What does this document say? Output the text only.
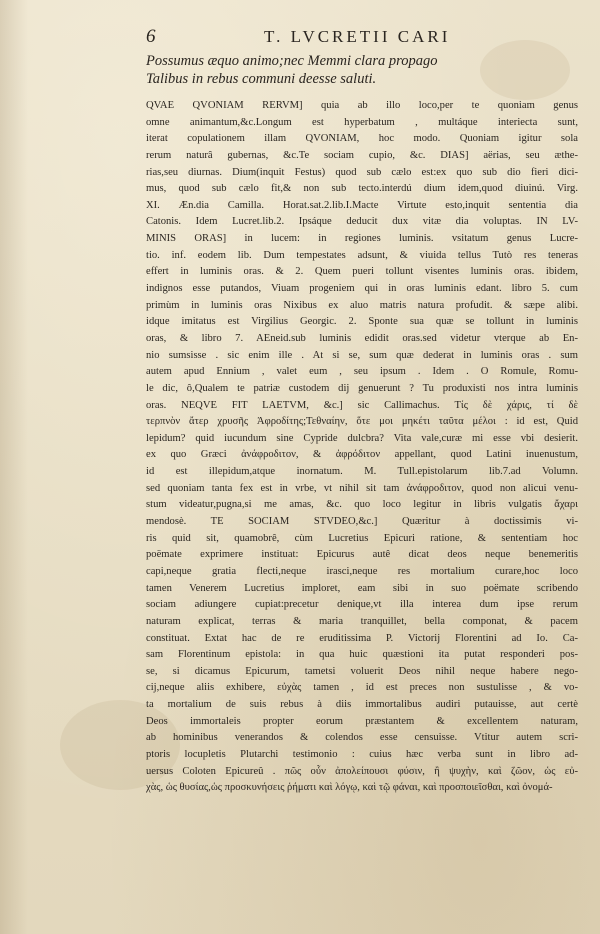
6	T. LVCRETII CARI
Possumus æquo animo;nec Memmi clara propago
Talibus in rebus communi deesse saluti.
QVAE QVONIAM RERVM] quia ab illo loco,per te quoniam genus
omne animantum,&c.Longum est hyperbatum , multáque interiecta sunt,
iterat copulationem illam QVONIAM, hoc modo. Quoniam igitur sola
rerum naturâ gubernas, &c.Te sociam cupio, &c. DIAS] aërias, seu æthe-
rias,seu diurnas. Dium(inquit Festus) quod sub cælo est:ex quo sub dio fieri dici-
mus, quod sub cælo fit,& non sub tecto.interdú dium idem,quod diuinú. Virg.
XI. Æn.dia Camilla. Horat.sat.2.lib.I.Macte Virtute esto,inquit sententia dia
Catonis. Idem Lucret.lib.2. Ipsáque deducit dux vitæ dia voluptas. IN LV-
MINIS ORAS] in lucem: in regiones luminis. vsitatum genus Lucre-
tio. inf. eodem lib. Dum tempestates adsunt, & viuida tellus Tutò res teneras
effert in luminis oras. & 2. Quem pueri tollunt visentes luminis oras. ibidem,
indignos esse putandos, Viuam progeniem qui in oras luminis edant. libro 5. cum
primùm in luminis oras Nixibus ex aluo matris natura profudit. & sæpe alibi.
idque imitatus est Virgilius Georgic. 2. Sponte sua quæ se tollunt in luminis
oras, & libro 7. AEneid.sub luminis edidit oras.sed videtur vterque ab En-
nio sumsisse . sic enim ille . At si se, sum quæ dederat in luminis oras . sum
autem apud Ennium , valet eum , seu ipsum . Idem . O Romule, Romu-
le dic, ô,Qualem te patriæ custodem dij genuerunt ? Tu produxisti nos intra luminis
oras. NEQVE FIT LAETVM, &c.] sic Callimachus. Τίς δὲ χάρις, τί δὲ
τερπνὸν ἄτερ χρυσῆς Ἀφροδίτης;Τεθναίην, ὅτε μοι μηκέτι ταῦτα μέλοι : id est, Quid
lepidum? quid iucundum sine Cypride dulcbra? Vita vale,curæ mi esse vbi desierit.
ex quo Græci ἀνάφροδιτον, & ἀφρόδιτον appellant, quod Latini inuenustum,
id est illepidum,atque inornatum. M. Tull.epistolarum lib.7.ad Volumn.
sed quoniam tanta fex est in vrbe, vt nihil sit tam ἀνάφροδιτον, quod non alicui venu-
stum videatur,pugna,si me amas, &c. quo loco legitur in libris vulgatis ἄχαρι
mendosè. TE SOCIAM STVDEO,&c.] Quæritur à doctissimis vi-
ris quid sit, quamobrê, cùm Lucretius Epicuri ratione, & sententiam hoc
poëmate exprimere instituat: Epicurus autê dicat deos neque benemeritis
capi,neque gratia flecti,neque irasci,neque res mortalium curare,hoc loco
tamen Venerem Lucretius imploret, eam sibi in suo poëmate scribendo
sociam adiungere cupiat:precetur denique,vt illa interea dum ipse rerum
naturam explicat, terras & maria tranquillet, bella componat, & pacem
constituat. Extat hac de re eruditissima P. Victorij Florentini ad Io. Ca-
sam Florentinum epistola: in qua huic quæstioni ita putat responderi pos-
se, si dicamus Epicurum, tametsi voluerit Deos nihil neque habere nego-
cij,neque aliis exhibere, εὐχὰς tamen , id est preces non sustulisse , & vo-
ta mortalium de suis rebus à diis immortalibus audiri putauisse, aut certè
Deos immortaleis propter eorum præstantem & excellentem naturam,
ab hominibus venerandos & colendos esse censuisse. Vtitur autem scri-
ptoris locupletis Plutarchi testimonio : cuius hæc verba sunt in libro ad-
uersus Coloten Epicureû . πῶς οὖν ἀπολείπουσι φύσιν, ἢ ψυχὴν, καὶ ζῶον, ὡς εὐ-
χὰς, ὡς θυσίας,ὡς προσκυνήσεις ῥήματι καὶ λόγῳ, καὶ τῷ φάναι, καὶ προσποιεῖσθαι, καὶ ὀνομά-
